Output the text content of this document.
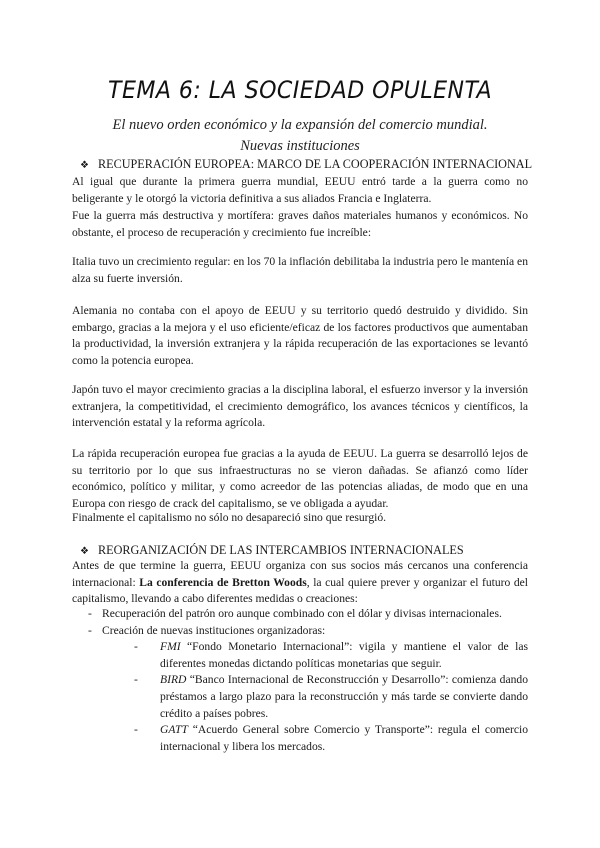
TEMA 6: LA SOCIEDAD OPULENTA
El nuevo orden económico y la expansión del comercio mundial.
Nuevas instituciones
❖ RECUPERACIÓN EUROPEA: MARCO DE LA COOPERACIÓN INTERNACIONAL
Al igual que durante la primera guerra mundial, EEUU entró tarde a la guerra como no beligerante y le otorgó la victoria definitiva a sus aliados Francia e Inglaterra.
Fue la guerra más destructiva y mortífera: graves daños materiales humanos y económicos. No obstante, el proceso de recuperación y crecimiento fue increíble:
Italia tuvo un crecimiento regular: en los 70 la inflación debilitaba la industria pero le mantenía en alza su fuerte inversión.
Alemania no contaba con el apoyo de EEUU y su territorio quedó destruido y dividido. Sin embargo, gracias a la mejora y el uso eficiente/eficaz de los factores productivos que aumentaban la productividad, la inversión extranjera y la rápida recuperación de las exportaciones se levantó como la potencia europea.
Japón tuvo el mayor crecimiento gracias a la disciplina laboral, el esfuerzo inversor y la inversión extranjera, la competitividad, el crecimiento demográfico, los avances técnicos y científicos, la intervención estatal y la reforma agrícola.
La rápida recuperación europea fue gracias a la ayuda de EEUU. La guerra se desarrolló lejos de su territorio por lo que sus infraestructuras no se vieron dañadas. Se afianzó como líder económico, político y militar, y como acreedor de las potencias aliadas, de modo que en una Europa con riesgo de crack del capitalismo, se ve obligada a ayudar.
Finalmente el capitalismo no sólo no desapareció sino que resurgió.
❖ REORGANIZACIÓN DE LAS INTERCAMBIOS INTERNACIONALES
Antes de que termine la guerra, EEUU organiza con sus socios más cercanos una conferencia internacional: La conferencia de Bretton Woods, la cual quiere prever y organizar el futuro del capitalismo, llevando a cabo diferentes medidas o creaciones:
- Recuperación del patrón oro aunque combinado con el dólar y divisas internacionales.
- Creación de nuevas instituciones organizadoras:
- FMI “Fondo Monetario Internacional”: vigila y mantiene el valor de las diferentes monedas dictando políticas monetarias que seguir.
- BIRD “Banco Internacional de Reconstrucción y Desarrollo”: comienza dando préstamos a largo plazo para la reconstrucción y más tarde se convierte dando crédito a países pobres.
- GATT “Acuerdo General sobre Comercio y Transporte”: regula el comercio internacional y libera los mercados.
